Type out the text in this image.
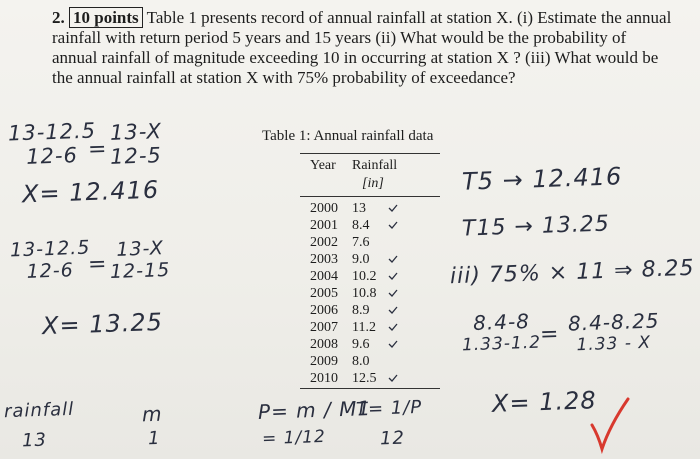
2. 10 points Table 1 presents record of annual rainfall at station X. (i) Estimate the annual rainfall with return period 5 years and 15 years (ii) What would be the probability of annual rainfall of magnitude exceeding 10 in occurring at station X ? (iii) What would be the annual rainfall at station X with 75% probability of exceedance?
Table 1: Annual rainfall data
Year Rainfall
[in]
2000 13
2001 8.4
2002 7.6
2003 9.0
2004 10.2
2005 10.8
2006 8.9
2007 11.2
2008 9.6
2009 8.0
2010 12.5
13-12.5
12-6 =
13-X
12-5
X= 12.416
13-12.5
12-6 =
13-X
12-15
X= 13.25
T5 → 12.416
T15 → 13.25
iii) 75% × 11 ⇒ 8.25
8.4-8
1.33-1.2
= 8.4-8.25
1.33 - X
X= 1.28
rainfall
13
m
1
P= m / M1
= 1/12
T= 1/P
12
